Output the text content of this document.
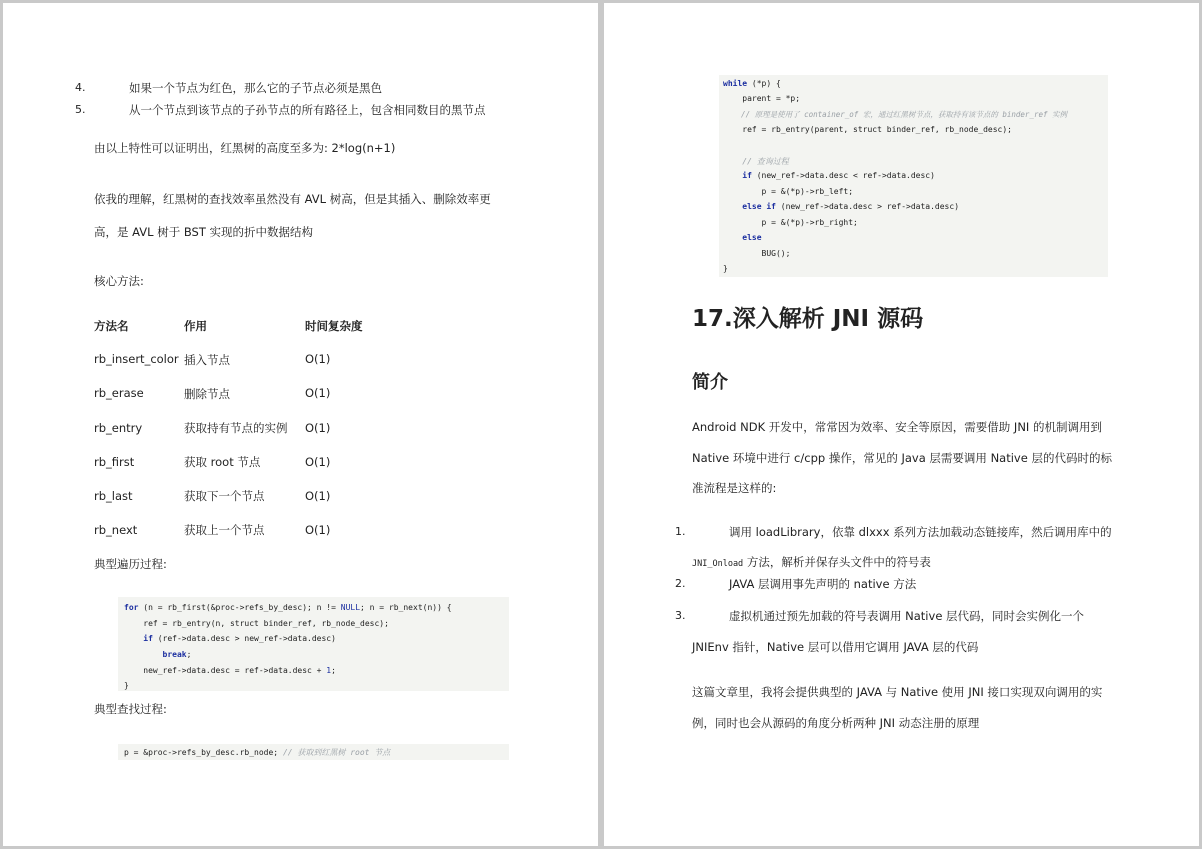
4.	如果一个节点为红色，那么它的子节点必须是黑色
5.	从一个节点到该节点的子孙节点的所有路径上，包含相同数目的黑节点
由以上特性可以证明出，红黑树的高度至多为: 2*log(n+1)
依我的理解，红黑树的查找效率虽然没有 AVL 树高，但是其插入、删除效率更
高，是 AVL 树于 BST 实现的折中数据结构
核心方法:
方法名	作用	时间复杂度
rb_insert_color 插入节点	O(1)
rb_erase	删除节点	O(1)
rb_entry	获取持有节点的实例 O(1)
rb_first	获取 root 节点	O(1)
rb_last	获取下一个节点	O(1)
rb_next	获取上一个节点	O(1)
典型遍历过程:
for (n = rb_first(&proc->refs_by_desc); n != NULL; n = rb_next(n)) {
ref = rb_entry(n, struct binder_ref, rb_node_desc);
if (ref->data.desc > new_ref->data.desc)
break;
new_ref->data.desc = ref->data.desc + 1;
}
典型查找过程:
p = &proc->refs_by_desc.rb_node; // 获取到红黑树 root 节点
while (*p) {
parent = *p;
// 原理是使用了 container_of 宏，通过红黑树节点，获取持有该节点的 binder_ref 实例
ref = rb_entry(parent, struct binder_ref, rb_node_desc);
// 查询过程
if (new_ref->data.desc < ref->data.desc)
p = &(*p)->rb_left;
else if (new_ref->data.desc > ref->data.desc)
p = &(*p)->rb_right;
else
BUG();
}
17.深入解析 JNI 源码
简介
Android NDK 开发中，常常因为效率、安全等原因，需要借助 JNI 的机制调用到
Native 环境中进行 c/cpp 操作，常见的 Java 层需要调用 Native 层的代码时的标
准流程是这样的:
1.	调用 loadLibrary，依靠 dlxxx 系列方法加载动态链接库，然后调用库中的
JNI_Onload 方法，解析并保存头文件中的符号表
2.	JAVA 层调用事先声明的 native 方法
3.	虚拟机通过预先加载的符号表调用 Native 层代码，同时会实例化一个
JNIEnv 指针，Native 层可以借用它调用 JAVA 层的代码
这篇文章里，我将会提供典型的 JAVA 与 Native 使用 JNI 接口实现双向调用的实
例，同时也会从源码的角度分析两种 JNI 动态注册的原理
